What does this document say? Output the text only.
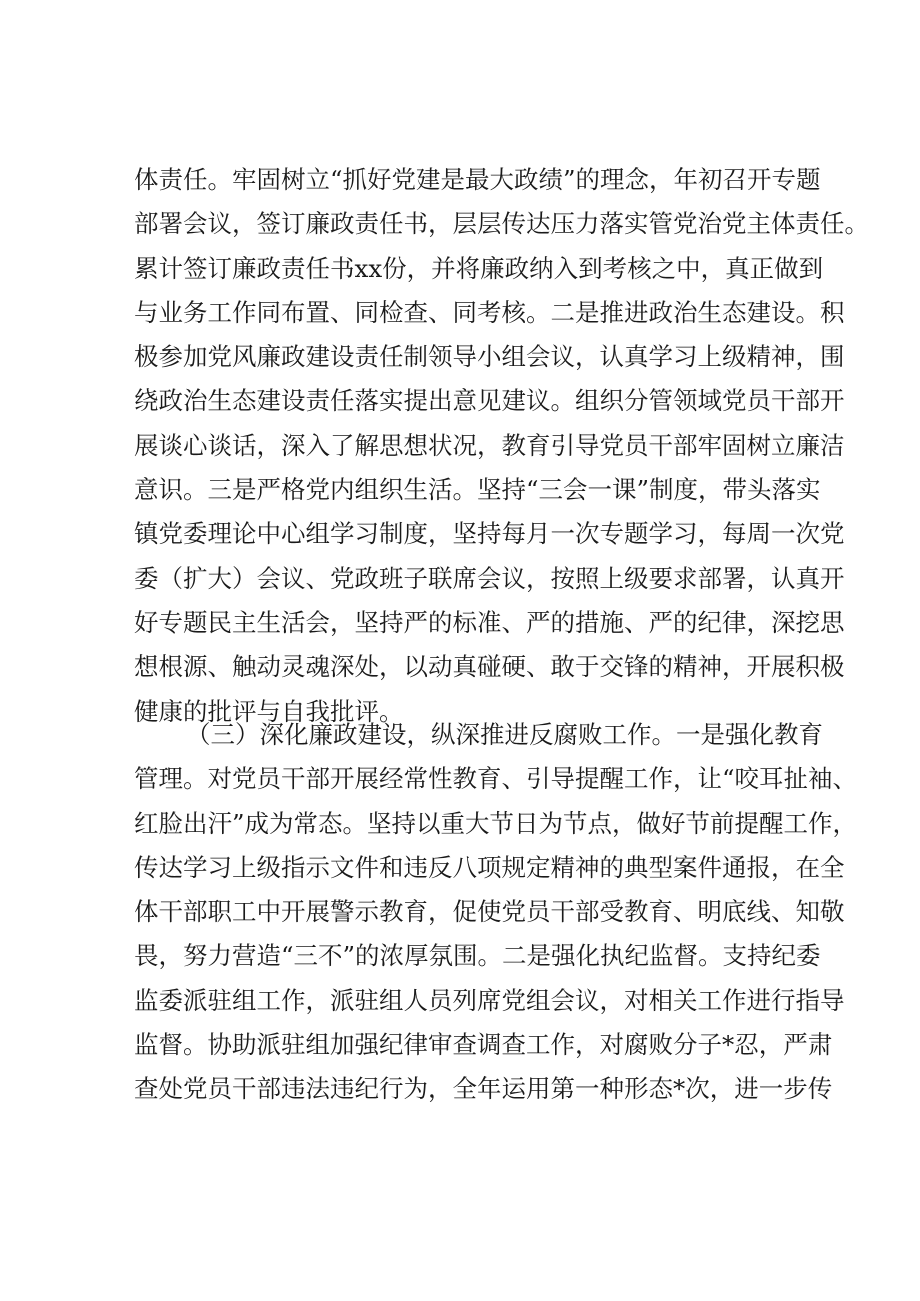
体责任。牢固树立“抓好党建是最大政绩”的理念，年初召开专题
部署会议，签订廉政责任书，层层传达压力落实管党治党主体责任。
累计签订廉政责任书xx份，并将廉政纳入到考核之中，真正做到
与业务工作同布置、同检查、同考核。二是推进政治生态建设。积
极参加党风廉政建设责任制领导小组会议，认真学习上级精神，围
绕政治生态建设责任落实提出意见建议。组织分管领域党员干部开
展谈心谈话，深入了解思想状况，教育引导党员干部牢固树立廉洁
意识。三是严格党内组织生活。坚持“三会一课”制度，带头落实
镇党委理论中心组学习制度，坚持每月一次专题学习，每周一次党
委（扩大）会议、党政班子联席会议，按照上级要求部署，认真开
好专题民主生活会，坚持严的标准、严的措施、严的纪律，深挖思
想根源、触动灵魂深处，以动真碰硬、敢于交锋的精神，开展积极
健康的批评与自我批评。
（三）深化廉政建设，纵深推进反腐败工作。一是强化教育
管理。对党员干部开展经常性教育、引导提醒工作，让“咬耳扯袖、
红脸出汗”成为常态。坚持以重大节日为节点，做好节前提醒工作，
传达学习上级指示文件和违反八项规定精神的典型案件通报，在全
体干部职工中开展警示教育，促使党员干部受教育、明底线、知敬
畏，努力营造“三不”的浓厚氛围。二是强化执纪监督。支持纪委
监委派驻组工作，派驻组人员列席党组会议，对相关工作进行指导
监督。协助派驻组加强纪律审查调查工作，对腐败分子*忍，严肃
查处党员干部违法违纪行为，全年运用第一种形态*次，进一步传
